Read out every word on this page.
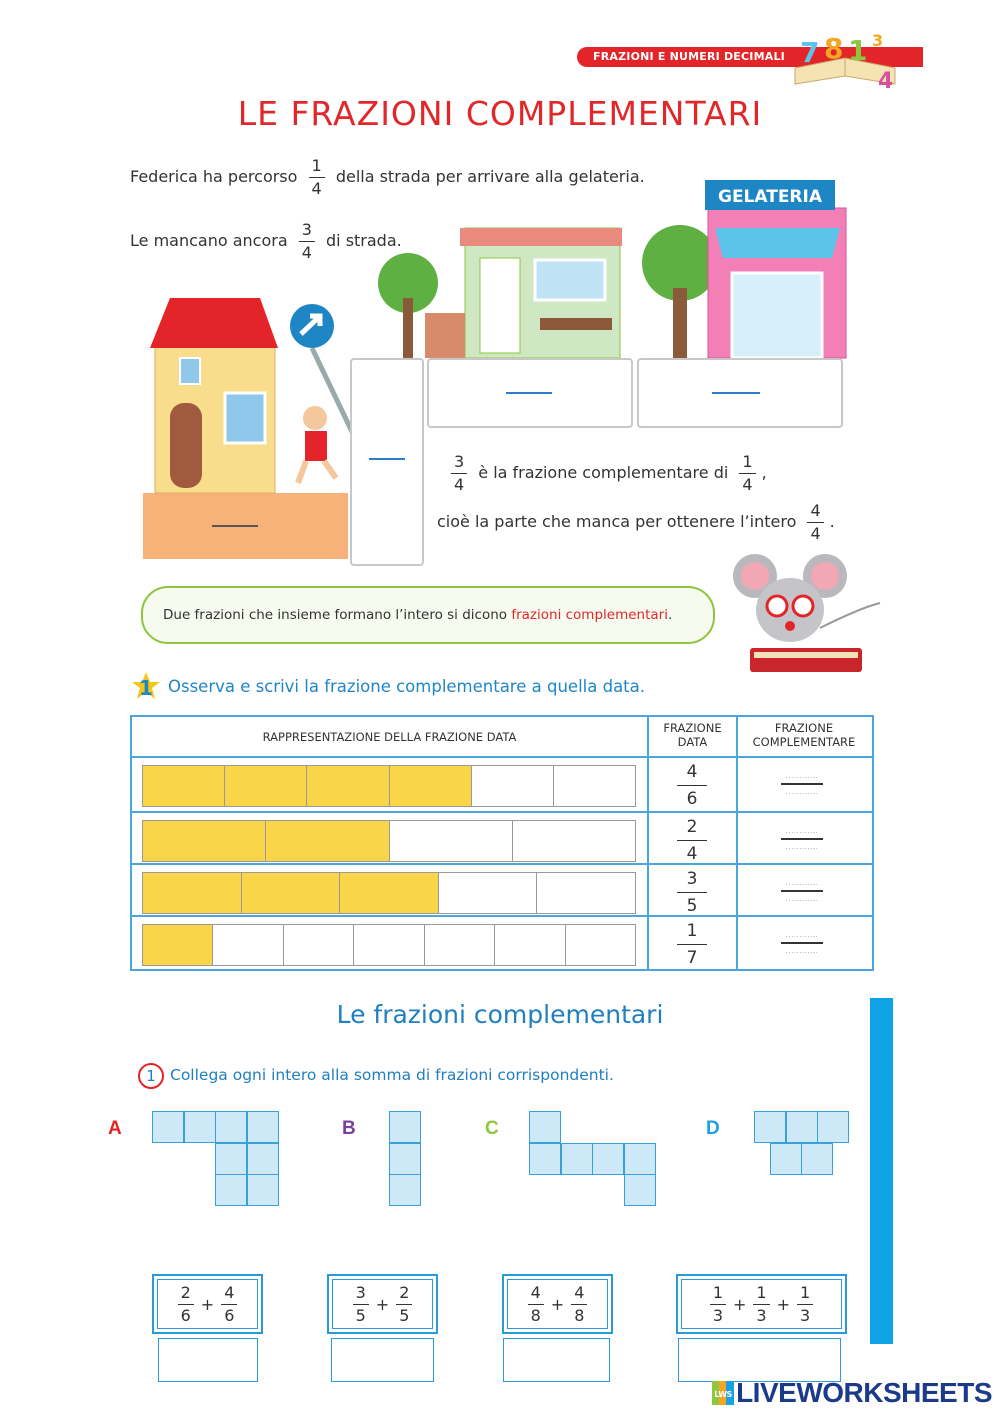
FRAZIONI E NUMERI DECIMALI 7 8 1 3
4
LE FRAZIONI COMPLEMENTARI
Federica ha percorso $\frac{1}{4}$ della strada per arrivare alla gelateria.
Le mancano ancora $\frac{3}{4}$ di strada.
GELATERIA
$\frac{3}{4}$ è la frazione complementare di $\frac{1}{4}$ ,
cioè la parte che manca per ottenere l’intero $\frac{4}{4}$ .
Due frazioni che insieme formano l’intero si dicono frazioni complementari.
1 Osserva e scrivi la frazione complementare a quella data.
RAPPRESENTAZIONE DELLA FRAZIONE DATA
FRAZIONE DATA
FRAZIONE COMPLEMENTARE
4
6
............
............
2
4
............
............
3
5
............
............
1
7
............
............
Le frazioni complementari
1 Collega ogni intero alla somma di frazioni corrispondenti.
A	B	C	D
$\frac{2}{6} + \frac{4}{6}$	$\frac{3}{5} + \frac{2}{5}$	$\frac{4}{8} + \frac{4}{8}$	$\frac{1}{3} + \frac{1}{3} + \frac{1}{3}$
LWS LIVEWORKSHEETS
